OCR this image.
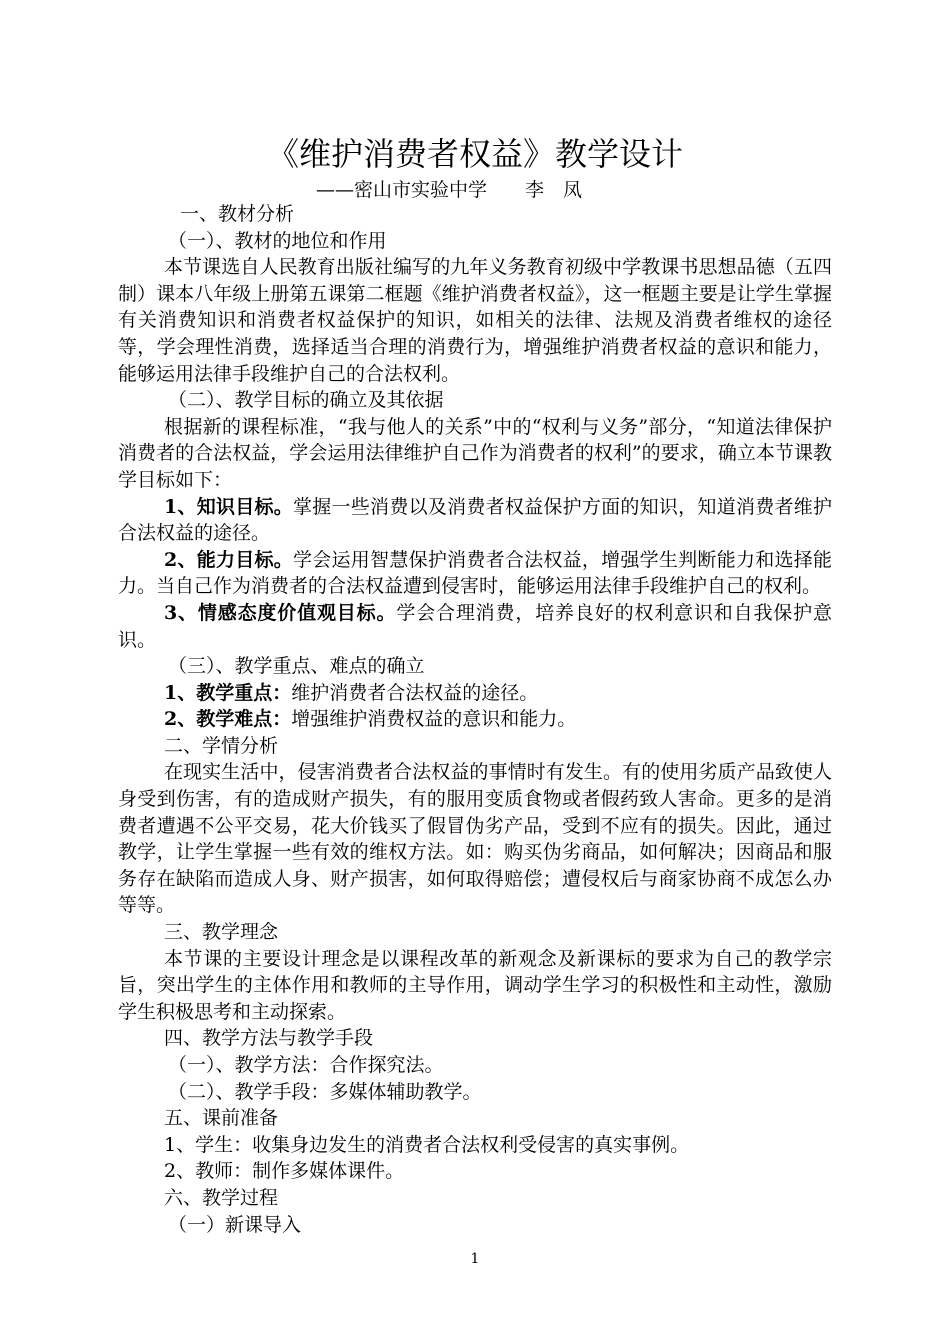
《维护消费者权益》教学设计
——密山市实验中学　　李　凤

一、教材分析

（一）、教材的地位和作用

本节课选自人民教育出版社编写的九年义务教育初级中学教课书思想品德（五四制）课本八年级上册第五课第二框题《维护消费者权益》，这一框题主要是让学生掌握有关消费知识和消费者权益保护的知识，如相关的法律、法规及消费者维权的途径等，学会理性消费，选择适当合理的消费行为，增强维护消费者权益的意识和能力，能够运用法律手段维护自己的合法权利。

（二）、教学目标的确立及其依据

根据新的课程标准，“我与他人的关系”中的“权利与义务”部分，“知道法律保护消费者的合法权益，学会运用法律维护自己作为消费者的权利”的要求，确立本节课教学目标如下：

1、知识目标。掌握一些消费以及消费者权益保护方面的知识，知道消费者维护合法权益的途径。

2、能力目标。学会运用智慧保护消费者合法权益，增强学生判断能力和选择能力。当自己作为消费者的合法权益遭到侵害时，能够运用法律手段维护自己的权利。

3、情感态度价值观目标。学会合理消费，培养良好的权利意识和自我保护意识。

（三）、教学重点、难点的确立

1、教学重点：维护消费者合法权益的途径。

2、教学难点：增强维护消费权益的意识和能力。

二、学情分析

在现实生活中，侵害消费者合法权益的事情时有发生。有的使用劣质产品致使人身受到伤害，有的造成财产损失，有的服用变质食物或者假药致人害命。更多的是消费者遭遇不公平交易，花大价钱买了假冒伪劣产品，受到不应有的损失。因此，通过教学，让学生掌握一些有效的维权方法。如：购买伪劣商品，如何解决；因商品和服务存在缺陷而造成人身、财产损害，如何取得赔偿；遭侵权后与商家协商不成怎么办等等。

三、教学理念

本节课的主要设计理念是以课程改革的新观念及新课标的要求为自己的教学宗旨，突出学生的主体作用和教师的主导作用，调动学生学习的积极性和主动性，激励学生积极思考和主动探索。

四、教学方法与教学手段

（一）、教学方法：合作探究法。

（二）、教学手段：多媒体辅助教学。

五、课前准备

1、学生：收集身边发生的消费者合法权利受侵害的真实事例。

2、教师：制作多媒体课件。

六、教学过程

（一）新课导入

1
